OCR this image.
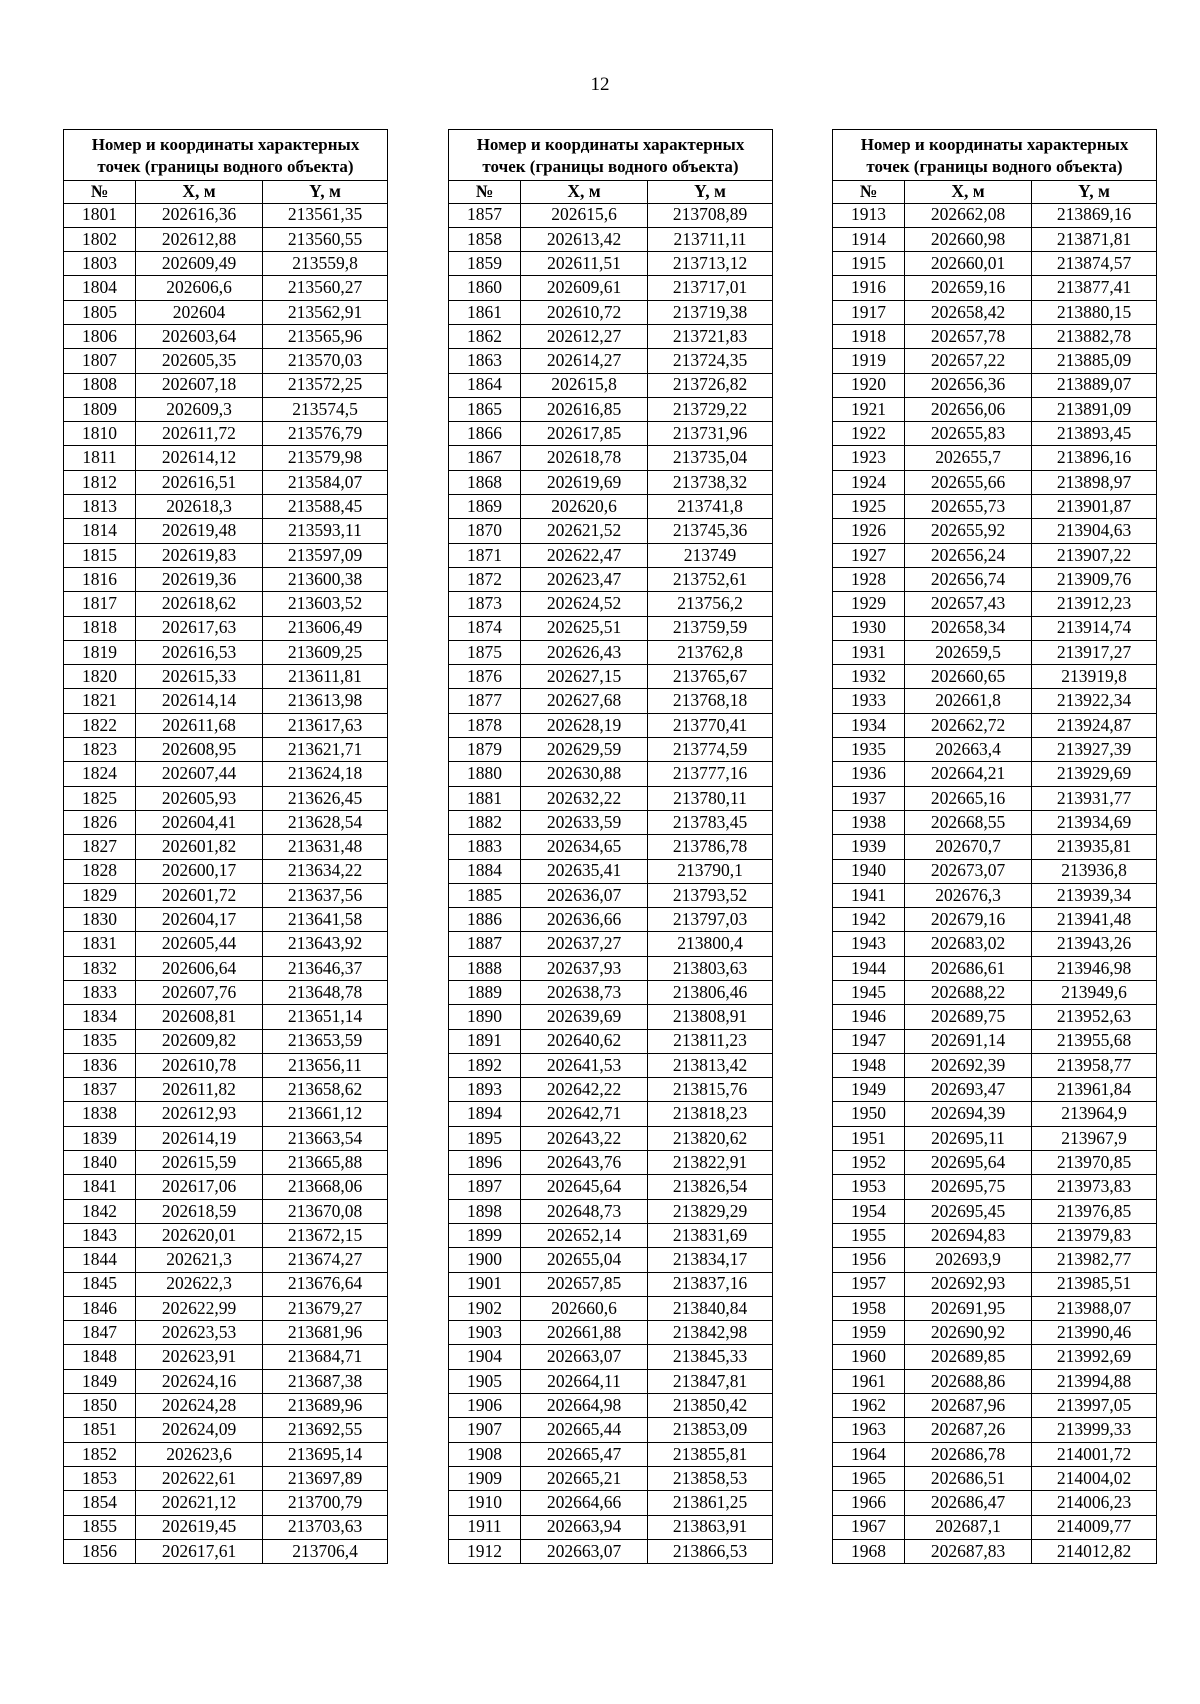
12
Номер и координаты характерных точек (границы водного объекта)		
№	X, м	Y, м
1801	202616,36	213561,35
1802	202612,88	213560,55
1803	202609,49	213559,8
1804	202606,6	213560,27
1805	202604	213562,91
1806	202603,64	213565,96
1807	202605,35	213570,03
1808	202607,18	213572,25
1809	202609,3	213574,5
1810	202611,72	213576,79
1811	202614,12	213579,98
1812	202616,51	213584,07
1813	202618,3	213588,45
1814	202619,48	213593,11
1815	202619,83	213597,09
1816	202619,36	213600,38
1817	202618,62	213603,52
1818	202617,63	213606,49
1819	202616,53	213609,25
1820	202615,33	213611,81
1821	202614,14	213613,98
1822	202611,68	213617,63
1823	202608,95	213621,71
1824	202607,44	213624,18
1825	202605,93	213626,45
1826	202604,41	213628,54
1827	202601,82	213631,48
1828	202600,17	213634,22
1829	202601,72	213637,56
1830	202604,17	213641,58
1831	202605,44	213643,92
1832	202606,64	213646,37
1833	202607,76	213648,78
1834	202608,81	213651,14
1835	202609,82	213653,59
1836	202610,78	213656,11
1837	202611,82	213658,62
1838	202612,93	213661,12
1839	202614,19	213663,54
1840	202615,59	213665,88
1841	202617,06	213668,06
1842	202618,59	213670,08
1843	202620,01	213672,15
1844	202621,3	213674,27
1845	202622,3	213676,64
1846	202622,99	213679,27
1847	202623,53	213681,96
1848	202623,91	213684,71
1849	202624,16	213687,38
1850	202624,28	213689,96
1851	202624,09	213692,55
1852	202623,6	213695,14
1853	202622,61	213697,89
1854	202621,12	213700,79
1855	202619,45	213703,63
1856	202617,61	213706,4
Номер и координаты характерных точек (границы водного объекта)		
№	X, м	Y, м
1857	202615,6	213708,89
1858	202613,42	213711,11
1859	202611,51	213713,12
1860	202609,61	213717,01
1861	202610,72	213719,38
1862	202612,27	213721,83
1863	202614,27	213724,35
1864	202615,8	213726,82
1865	202616,85	213729,22
1866	202617,85	213731,96
1867	202618,78	213735,04
1868	202619,69	213738,32
1869	202620,6	213741,8
1870	202621,52	213745,36
1871	202622,47	213749
1872	202623,47	213752,61
1873	202624,52	213756,2
1874	202625,51	213759,59
1875	202626,43	213762,8
1876	202627,15	213765,67
1877	202627,68	213768,18
1878	202628,19	213770,41
1879	202629,59	213774,59
1880	202630,88	213777,16
1881	202632,22	213780,11
1882	202633,59	213783,45
1883	202634,65	213786,78
1884	202635,41	213790,1
1885	202636,07	213793,52
1886	202636,66	213797,03
1887	202637,27	213800,4
1888	202637,93	213803,63
1889	202638,73	213806,46
1890	202639,69	213808,91
1891	202640,62	213811,23
1892	202641,53	213813,42
1893	202642,22	213815,76
1894	202642,71	213818,23
1895	202643,22	213820,62
1896	202643,76	213822,91
1897	202645,64	213826,54
1898	202648,73	213829,29
1899	202652,14	213831,69
1900	202655,04	213834,17
1901	202657,85	213837,16
1902	202660,6	213840,84
1903	202661,88	213842,98
1904	202663,07	213845,33
1905	202664,11	213847,81
1906	202664,98	213850,42
1907	202665,44	213853,09
1908	202665,47	213855,81
1909	202665,21	213858,53
1910	202664,66	213861,25
1911	202663,94	213863,91
1912	202663,07	213866,53
Номер и координаты характерных точек (границы водного объекта)		
№	X, м	Y, м
1913	202662,08	213869,16
1914	202660,98	213871,81
1915	202660,01	213874,57
1916	202659,16	213877,41
1917	202658,42	213880,15
1918	202657,78	213882,78
1919	202657,22	213885,09
1920	202656,36	213889,07
1921	202656,06	213891,09
1922	202655,83	213893,45
1923	202655,7	213896,16
1924	202655,66	213898,97
1925	202655,73	213901,87
1926	202655,92	213904,63
1927	202656,24	213907,22
1928	202656,74	213909,76
1929	202657,43	213912,23
1930	202658,34	213914,74
1931	202659,5	213917,27
1932	202660,65	213919,8
1933	202661,8	213922,34
1934	202662,72	213924,87
1935	202663,4	213927,39
1936	202664,21	213929,69
1937	202665,16	213931,77
1938	202668,55	213934,69
1939	202670,7	213935,81
1940	202673,07	213936,8
1941	202676,3	213939,34
1942	202679,16	213941,48
1943	202683,02	213943,26
1944	202686,61	213946,98
1945	202688,22	213949,6
1946	202689,75	213952,63
1947	202691,14	213955,68
1948	202692,39	213958,77
1949	202693,47	213961,84
1950	202694,39	213964,9
1951	202695,11	213967,9
1952	202695,64	213970,85
1953	202695,75	213973,83
1954	202695,45	213976,85
1955	202694,83	213979,83
1956	202693,9	213982,77
1957	202692,93	213985,51
1958	202691,95	213988,07
1959	202690,92	213990,46
1960	202689,85	213992,69
1961	202688,86	213994,88
1962	202687,96	213997,05
1963	202687,26	213999,33
1964	202686,78	214001,72
1965	202686,51	214004,02
1966	202686,47	214006,23
1967	202687,1	214009,77
1968	202687,83	214012,82
